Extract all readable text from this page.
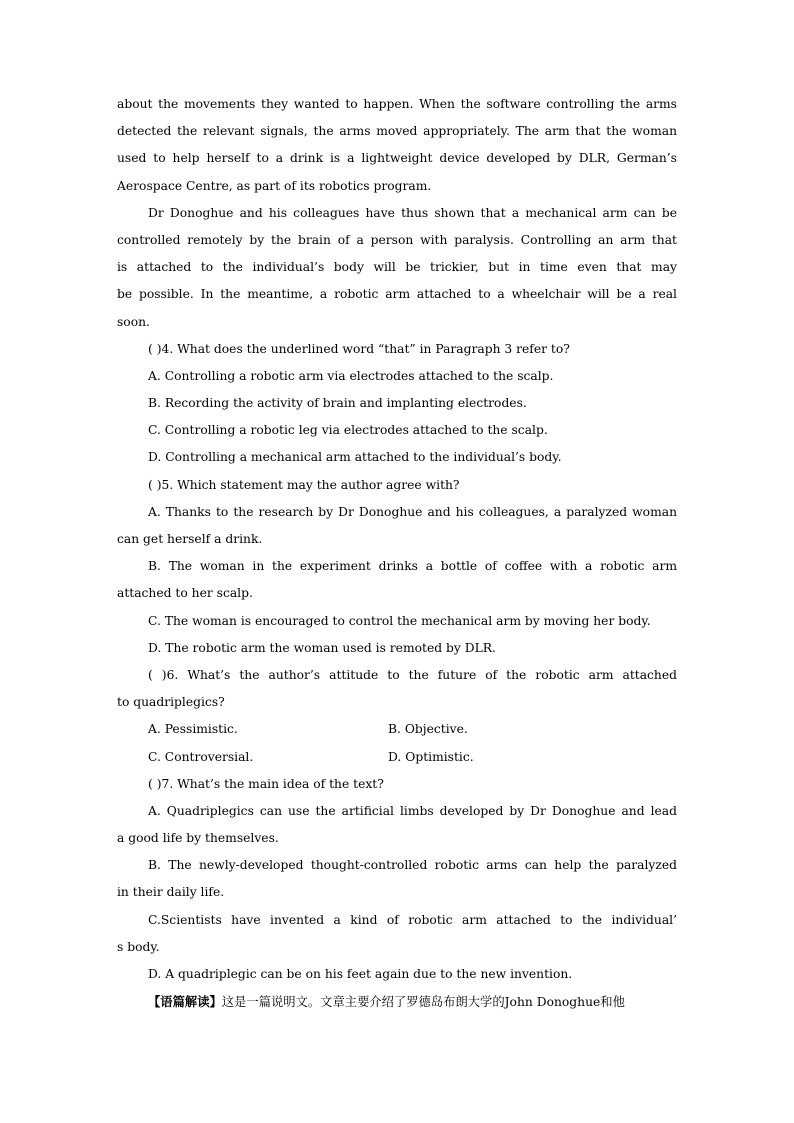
about the movements they wanted to happen. When the software controlling the arms
detected the relevant signals, the arms moved appropriately. The arm that the woman
used to help herself to a drink is a lightweight device developed by DLR, German’s
Aerospace Centre, as part of its robotics program.
Dr Donoghue and his colleagues have thus shown that a mechanical arm can be
controlled remotely by the brain of a person with paralysis. Controlling an arm that
is attached to the individual’s body will be trickier, but in time even that may
be possible. In the meantime, a robotic arm attached to a wheelchair will be a real
soon.
( )4. What does the underlined word “that” in Paragraph 3 refer to?
A. Controlling a robotic arm via electrodes attached to the scalp.
B. Recording the activity of brain and implanting electrodes.
C. Controlling a robotic leg via electrodes attached to the scalp.
D. Controlling a mechanical arm attached to the individual’s body.
( )5. Which statement may the author agree with?
A. Thanks to the research by Dr Donoghue and his colleagues, a paralyzed woman
can get herself a drink.
B. The woman in the experiment drinks a bottle of coffee with a robotic arm
attached to her scalp.
C. The woman is encouraged to control the mechanical arm by moving her body.
D. The robotic arm the woman used is remoted by DLR.
( )6. What’s the author’s attitude to the future of the robotic arm attached
to quadriplegics?
A. Pessimistic.	B. Objective.
C. Controversial.	D. Optimistic.
( )7. What’s the main idea of the text?
A. Quadriplegics can use the artificial limbs developed by Dr Donoghue and lead
a good life by themselves.
B. The newly-developed thought-controlled robotic arms can help the paralyzed
in their daily life.
C.Scientists have invented a kind of robotic arm attached to the individual’
s body.
D. A quadriplegic can be on his feet again due to the new invention.
【语篇解读】这是一篇说明文。文章主要介绍了罗德岛布朗大学的John Donoghue和他
